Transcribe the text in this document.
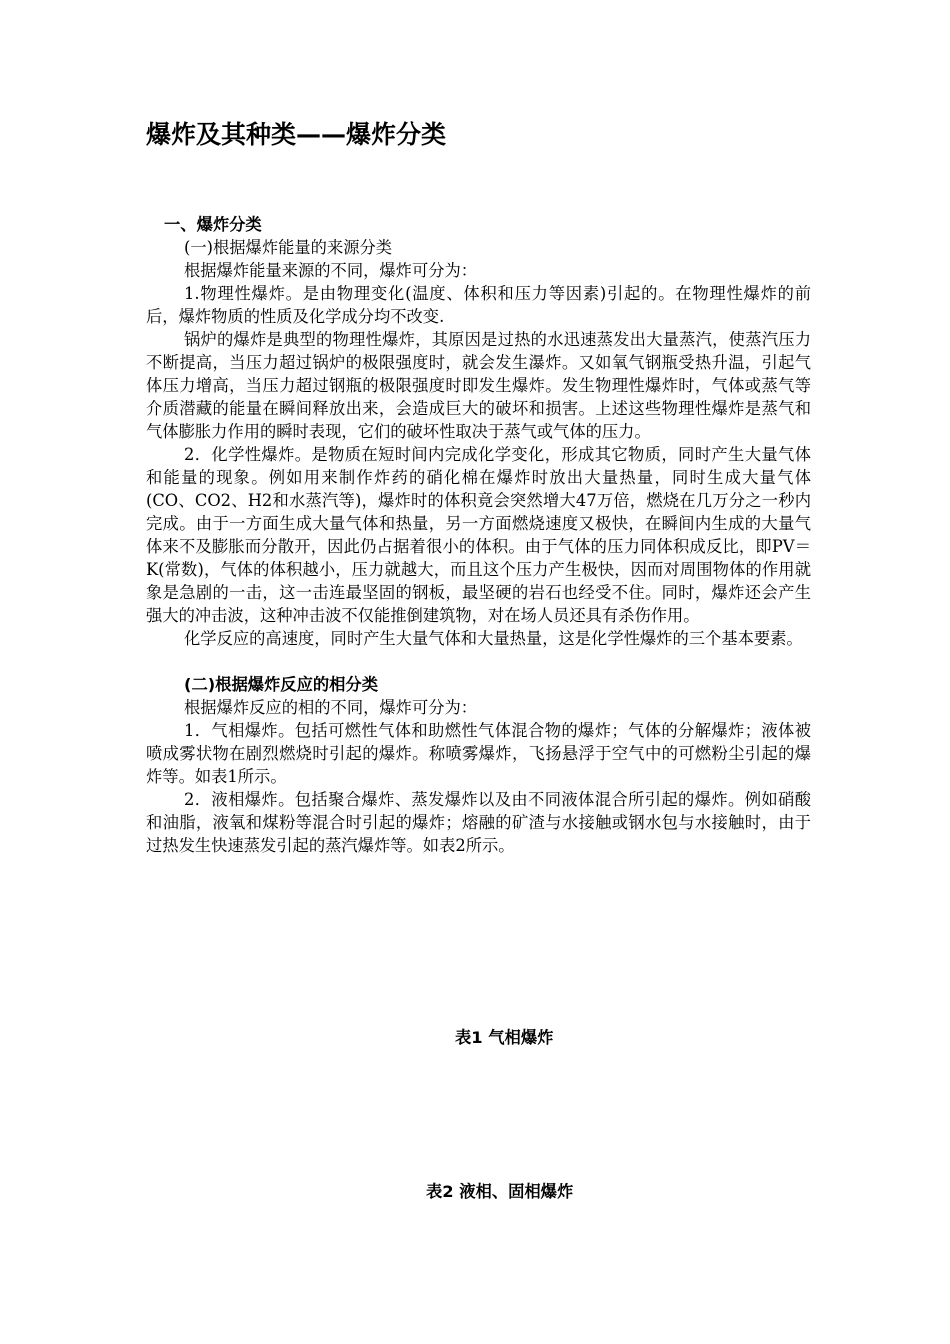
爆炸及其种类——爆炸分类

一、爆炸分类

(一)根据爆炸能量的来源分类

根据爆炸能量来源的不同，爆炸可分为：

1.物理性爆炸。是由物理变化(温度、体积和压力等因素)引起的。在物理性爆炸的前后，爆炸物质的性质及化学成分均不改变.

锅炉的爆炸是典型的物理性爆炸，其原因是过热的水迅速蒸发出大量蒸汽，使蒸汽压力不断提高，当压力超过锅炉的极限强度时，就会发生瀑炸。又如氧气钢瓶受热升温，引起气体压力增高，当压力超过钢瓶的极限强度时即发生爆炸。发生物理性爆炸时，气体或蒸气等介质潜藏的能量在瞬间释放出来，会造成巨大的破坏和损害。上述这些物理性爆炸是蒸气和气体膨胀力作用的瞬时表现，它们的破坏性取决于蒸气或气体的压力。

2．化学性爆炸。是物质在短时间内完成化学变化，形成其它物质，同时产生大量气体和能量的现象。例如用来制作炸药的硝化棉在爆炸时放出大量热量，同时生成大量气体(CO、CO2、H2和水蒸汽等)，爆炸时的体积竟会突然增大47万倍，燃烧在几万分之一秒内完成。由于一方面生成大量气体和热量，另一方面燃烧速度又极快，在瞬间内生成的大量气体来不及膨胀而分散开，因此仍占据着很小的体积。由于气体的压力同体积成反比，即PV＝K(常数)，气体的体积越小，压力就越大，而且这个压力产生极快，因而对周围物体的作用就象是急剧的一击，这一击连最坚固的钢板，最坚硬的岩石也经受不住。同时，爆炸还会产生强大的冲击波，这种冲击波不仅能推倒建筑物，对在场人员还具有杀伤作用。

化学反应的高速度，同时产生大量气体和大量热量，这是化学性爆炸的三个基本要素。

(二)根据爆炸反应的相分类

根据爆炸反应的相的不同，爆炸可分为：

1．气相爆炸。包括可燃性气体和助燃性气体混合物的爆炸；气体的分解爆炸；液体被喷成雾状物在剧烈燃烧时引起的爆炸。称喷雾爆炸，飞扬悬浮于空气中的可燃粉尘引起的爆炸等。如表1所示。

2．液相爆炸。包括聚合爆炸、蒸发爆炸以及由不同液体混合所引起的爆炸。例如硝酸和油脂，液氧和煤粉等混合时引起的爆炸；熔融的矿渣与水接触或钢水包与水接触时，由于过热发生快速蒸发引起的蒸汽爆炸等。如表2所示。

表1 气相爆炸
表2 液相、固相爆炸
